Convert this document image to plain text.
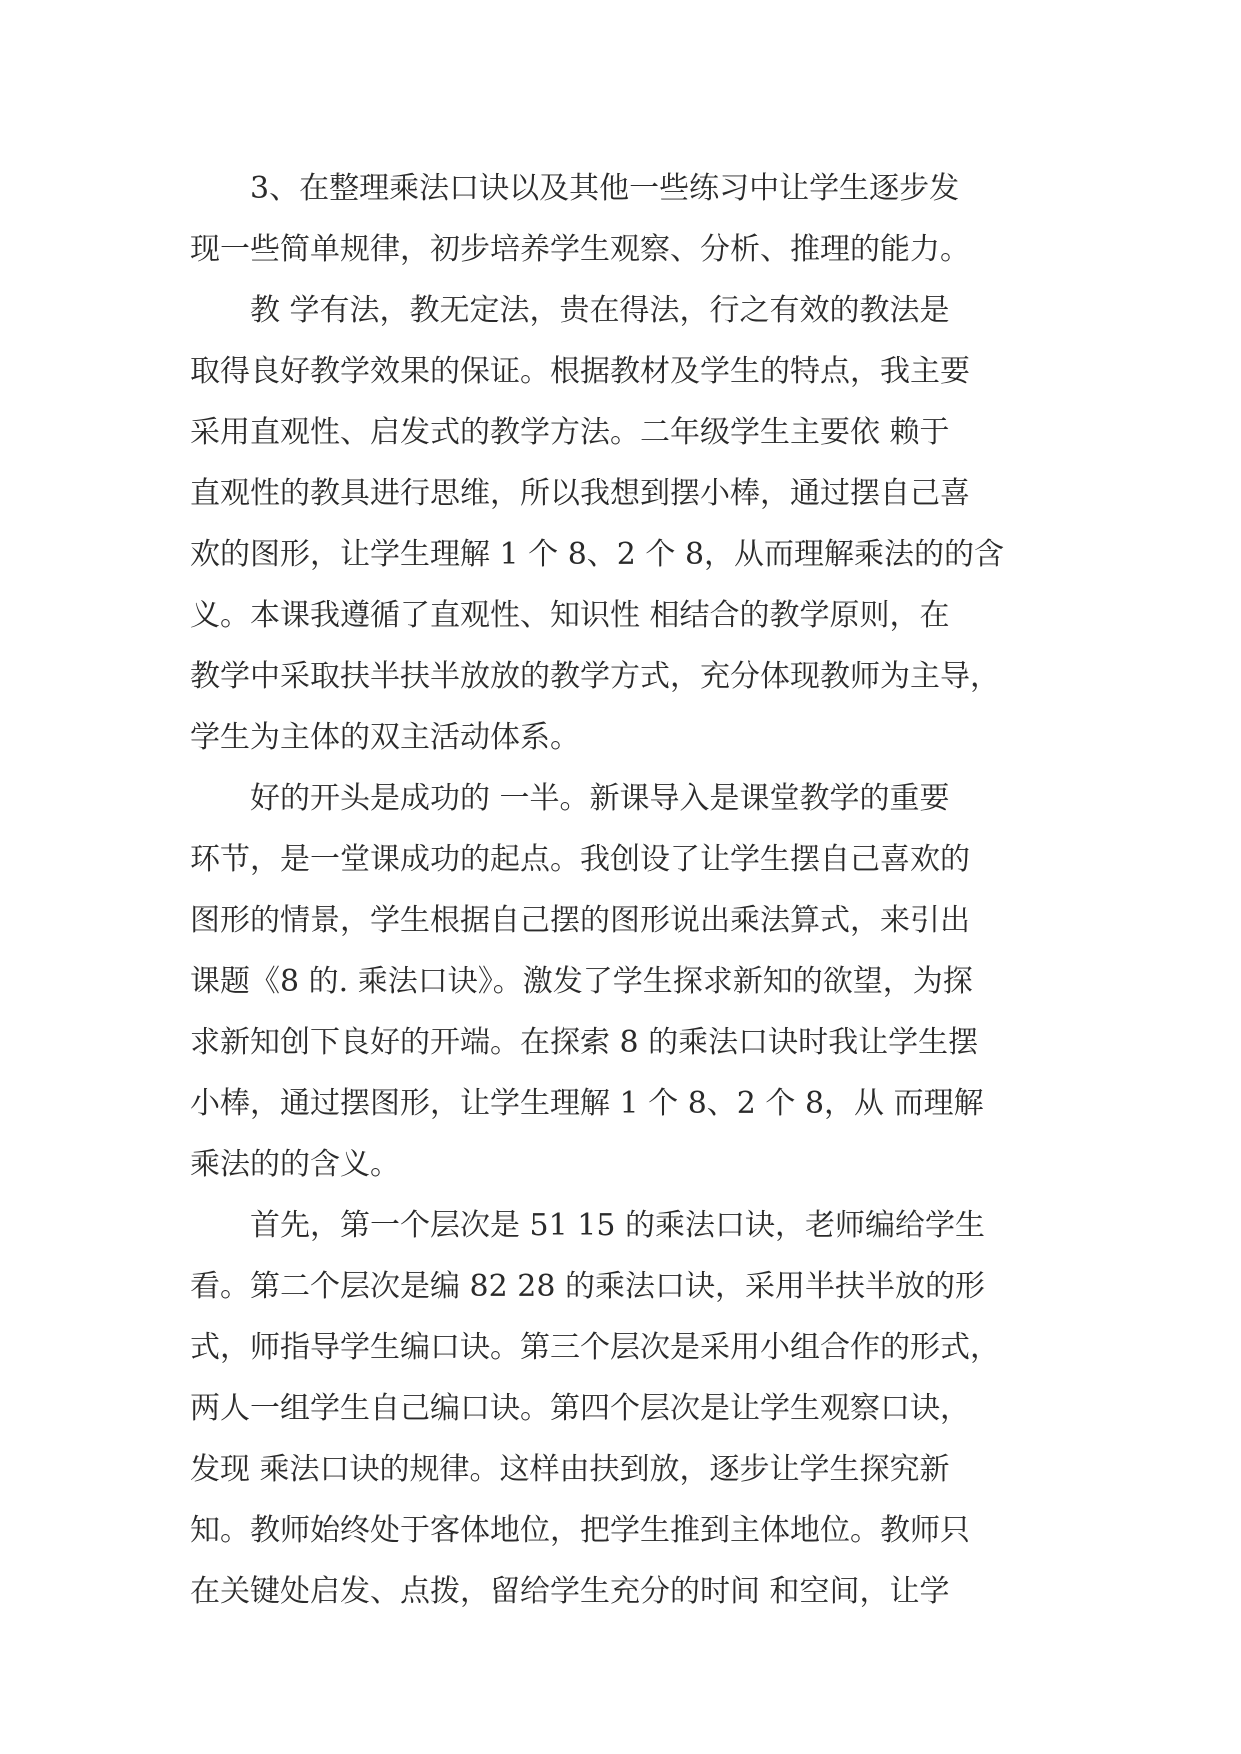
3、在整理乘法口诀以及其他一些练习中让学生逐步发
现一些简单规律，初步培养学生观察、分析、推理的能力。
教 学有法，教无定法，贵在得法，行之有效的教法是
取得良好教学效果的保证。根据教材及学生的特点，我主要
采用直观性、启发式的教学方法。二年级学生主要依 赖于
直观性的教具进行思维，所以我想到摆小棒，通过摆自己喜
欢的图形，让学生理解 1 个 8、2 个 8，从而理解乘法的的含
义。本课我遵循了直观性、知识性 相结合的教学原则，在
教学中采取扶半扶半放放的教学方式，充分体现教师为主导，
学生为主体的双主活动体系。
好的开头是成功的 一半。新课导入是课堂教学的重要
环节，是一堂课成功的起点。我创设了让学生摆自己喜欢的
图形的情景，学生根据自己摆的图形说出乘法算式，来引出
课题《8 的. 乘法口诀》。激发了学生探求新知的欲望，为探
求新知创下良好的开端。在探索 8 的乘法口诀时我让学生摆
小棒，通过摆图形，让学生理解 1 个 8、2 个 8，从 而理解
乘法的的含义。
首先，第一个层次是 51 15 的乘法口诀，老师编给学生
看。第二个层次是编 82 28 的乘法口诀，采用半扶半放的形
式，师指导学生编口诀。第三个层次是采用小组合作的形式，
两人一组学生自己编口诀。第四个层次是让学生观察口诀，
发现 乘法口诀的规律。这样由扶到放，逐步让学生探究新
知。教师始终处于客体地位，把学生推到主体地位。教师只
在关键处启发、点拨，留给学生充分的时间 和空间，让学
